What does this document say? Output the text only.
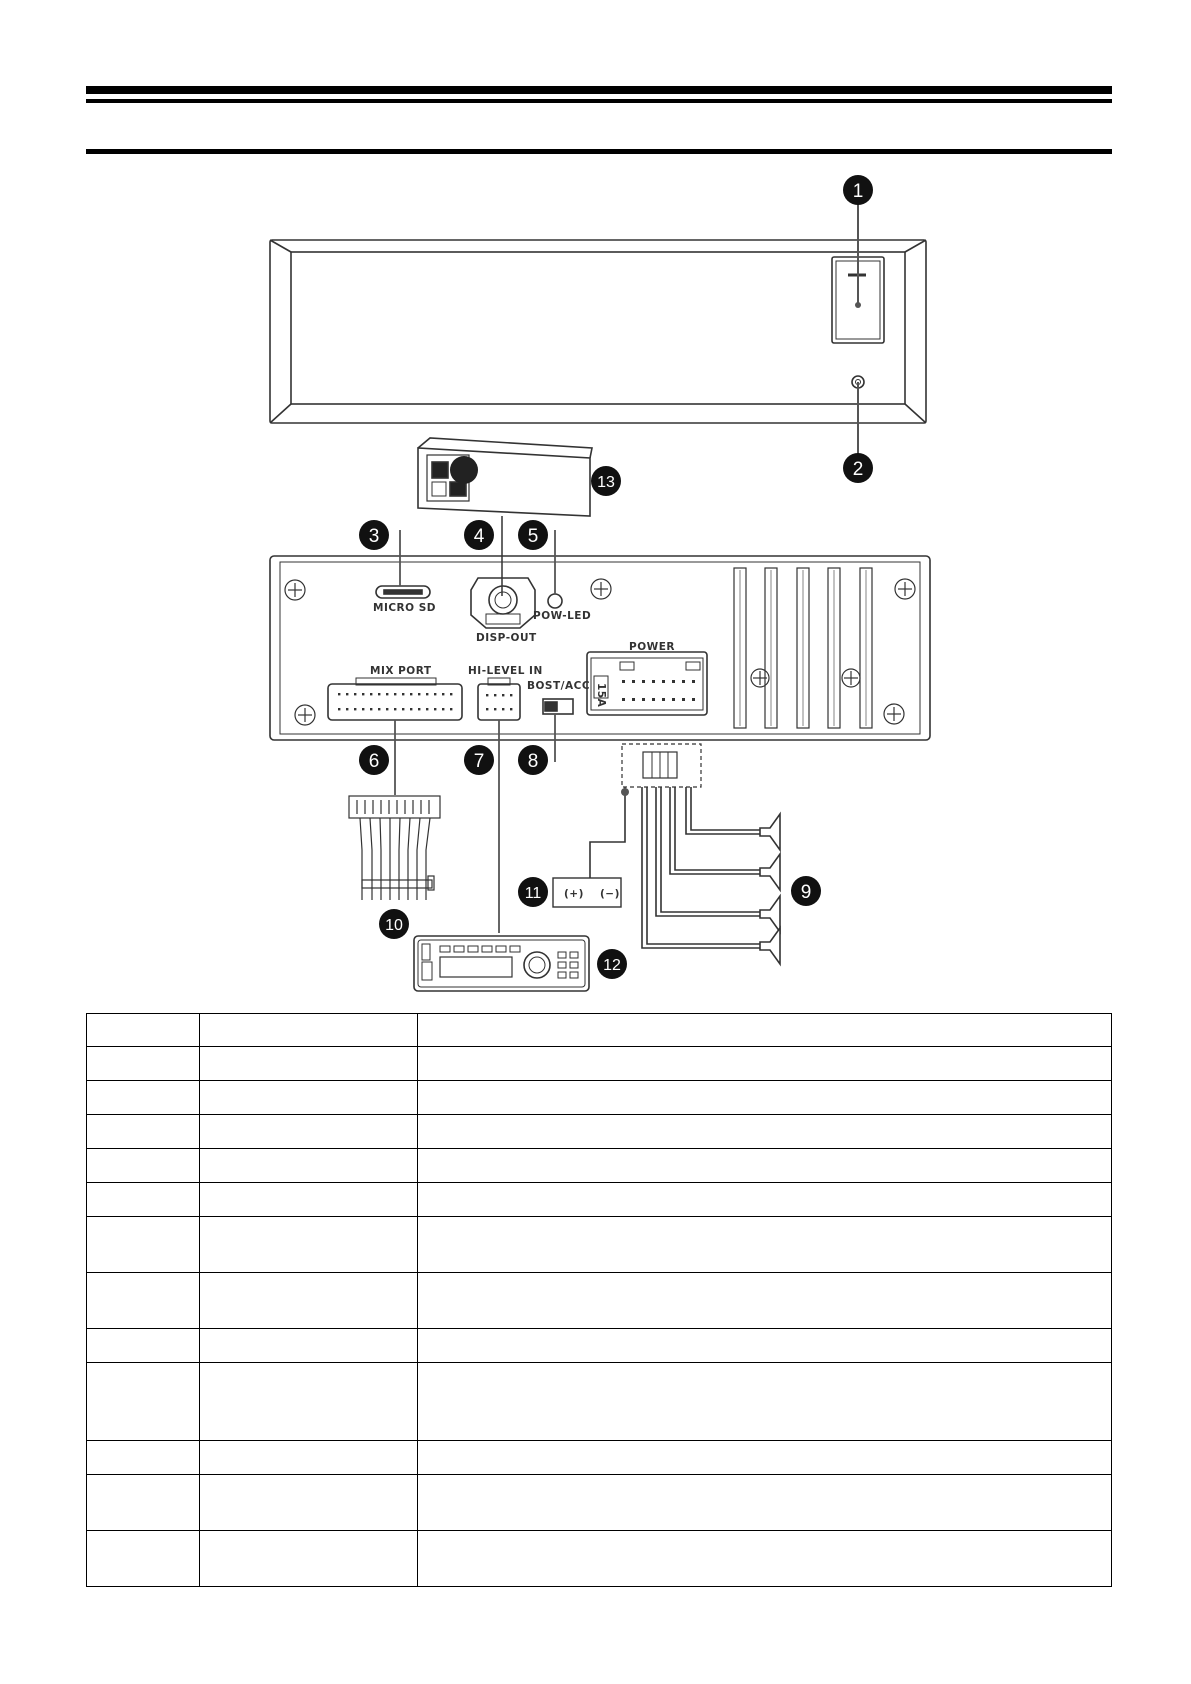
MICRO SD
DISP-OUT
POW-LED
POWER
MIX PORT	HI-LEVEL IN
BOST/ACC 15A
(+) (−)
1
2
3	4 5
6	7 8
9
10
11
12
13
